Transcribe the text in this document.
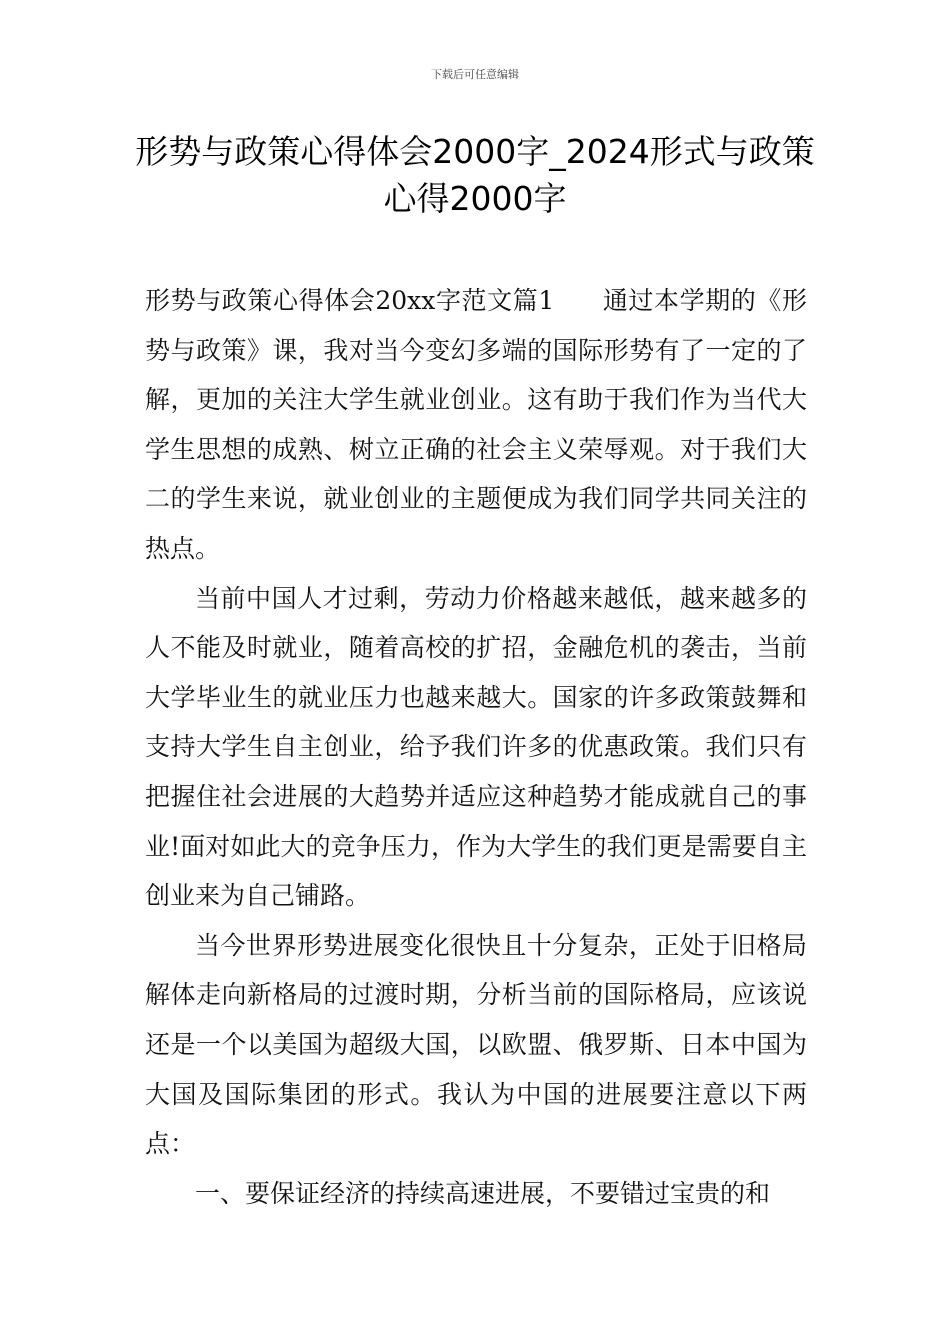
下载后可任意编辑
形势与政策心得体会2000字_2024形式与政策心得2000字

形势与政策心得体会20xx字范文篇1 通过本学期的《形势与政策》课，我对当今变幻多端的国际形势有了一定的了解，更加的关注大学生就业创业。这有助于我们作为当代大学生思想的成熟、树立正确的社会主义荣辱观。对于我们大二的学生来说，就业创业的主题便成为我们同学共同关注的热点。

当前中国人才过剩，劳动力价格越来越低，越来越多的人不能及时就业，随着高校的扩招，金融危机的袭击，当前大学毕业生的就业压力也越来越大。国家的许多政策鼓舞和支持大学生自主创业，给予我们许多的优惠政策。我们只有把握住社会进展的大趋势并适应这种趋势才能成就自己的事业!面对如此大的竞争压力，作为大学生的我们更是需要自主创业来为自己铺路。

当今世界形势进展变化很快且十分复杂，正处于旧格局解体走向新格局的过渡时期，分析当前的国际格局，应该说还是一个以美国为超级大国，以欧盟、俄罗斯、日本中国为大国及国际集团的形式。我认为中国的进展要注意以下两点：

一、要保证经济的持续高速进展，不要错过宝贵的和
